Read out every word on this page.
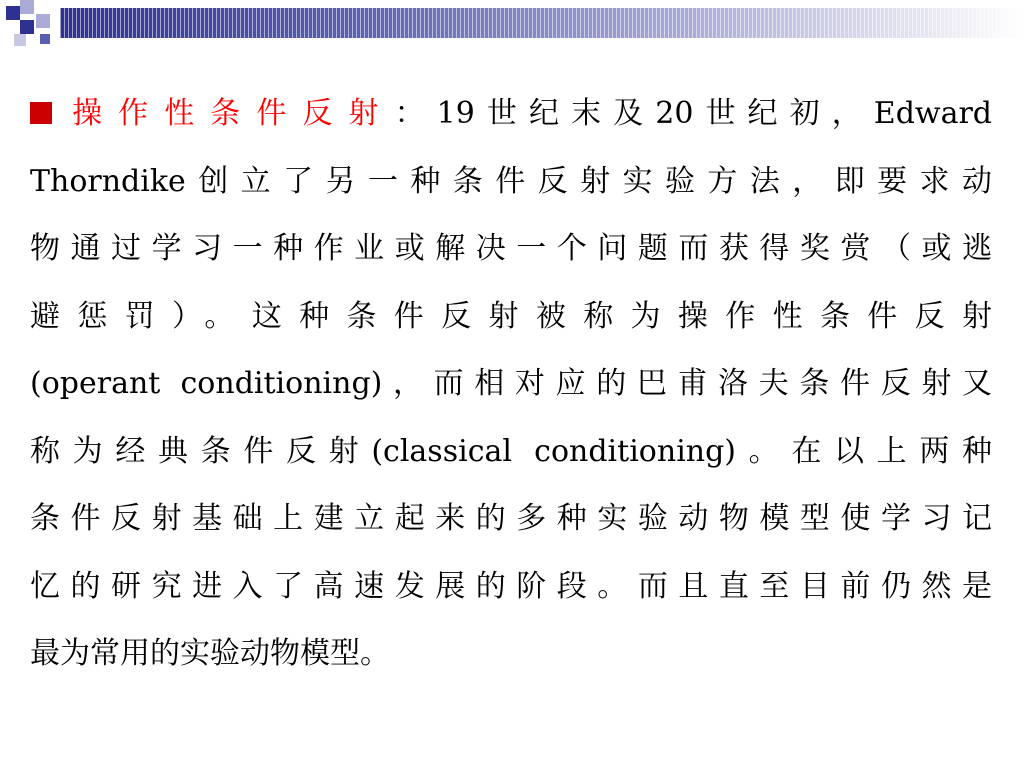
操作性条件反射：19世纪末及20世纪初，Edward
Thorndike创立了另一种条件反射实验方法，即要求动
物通过学习一种作业或解决一个问题而获得奖赏（或逃
避惩罚）。这种条件反射被称为操作性条件反射
(operant conditioning)，而相对应的巴甫洛夫条件反射又
称为经典条件反射(classical conditioning)。在以上两种
条件反射基础上建立起来的多种实验动物模型使学习记
忆的研究进入了高速发展的阶段。而且直至目前仍然是
最为常用的实验动物模型。
